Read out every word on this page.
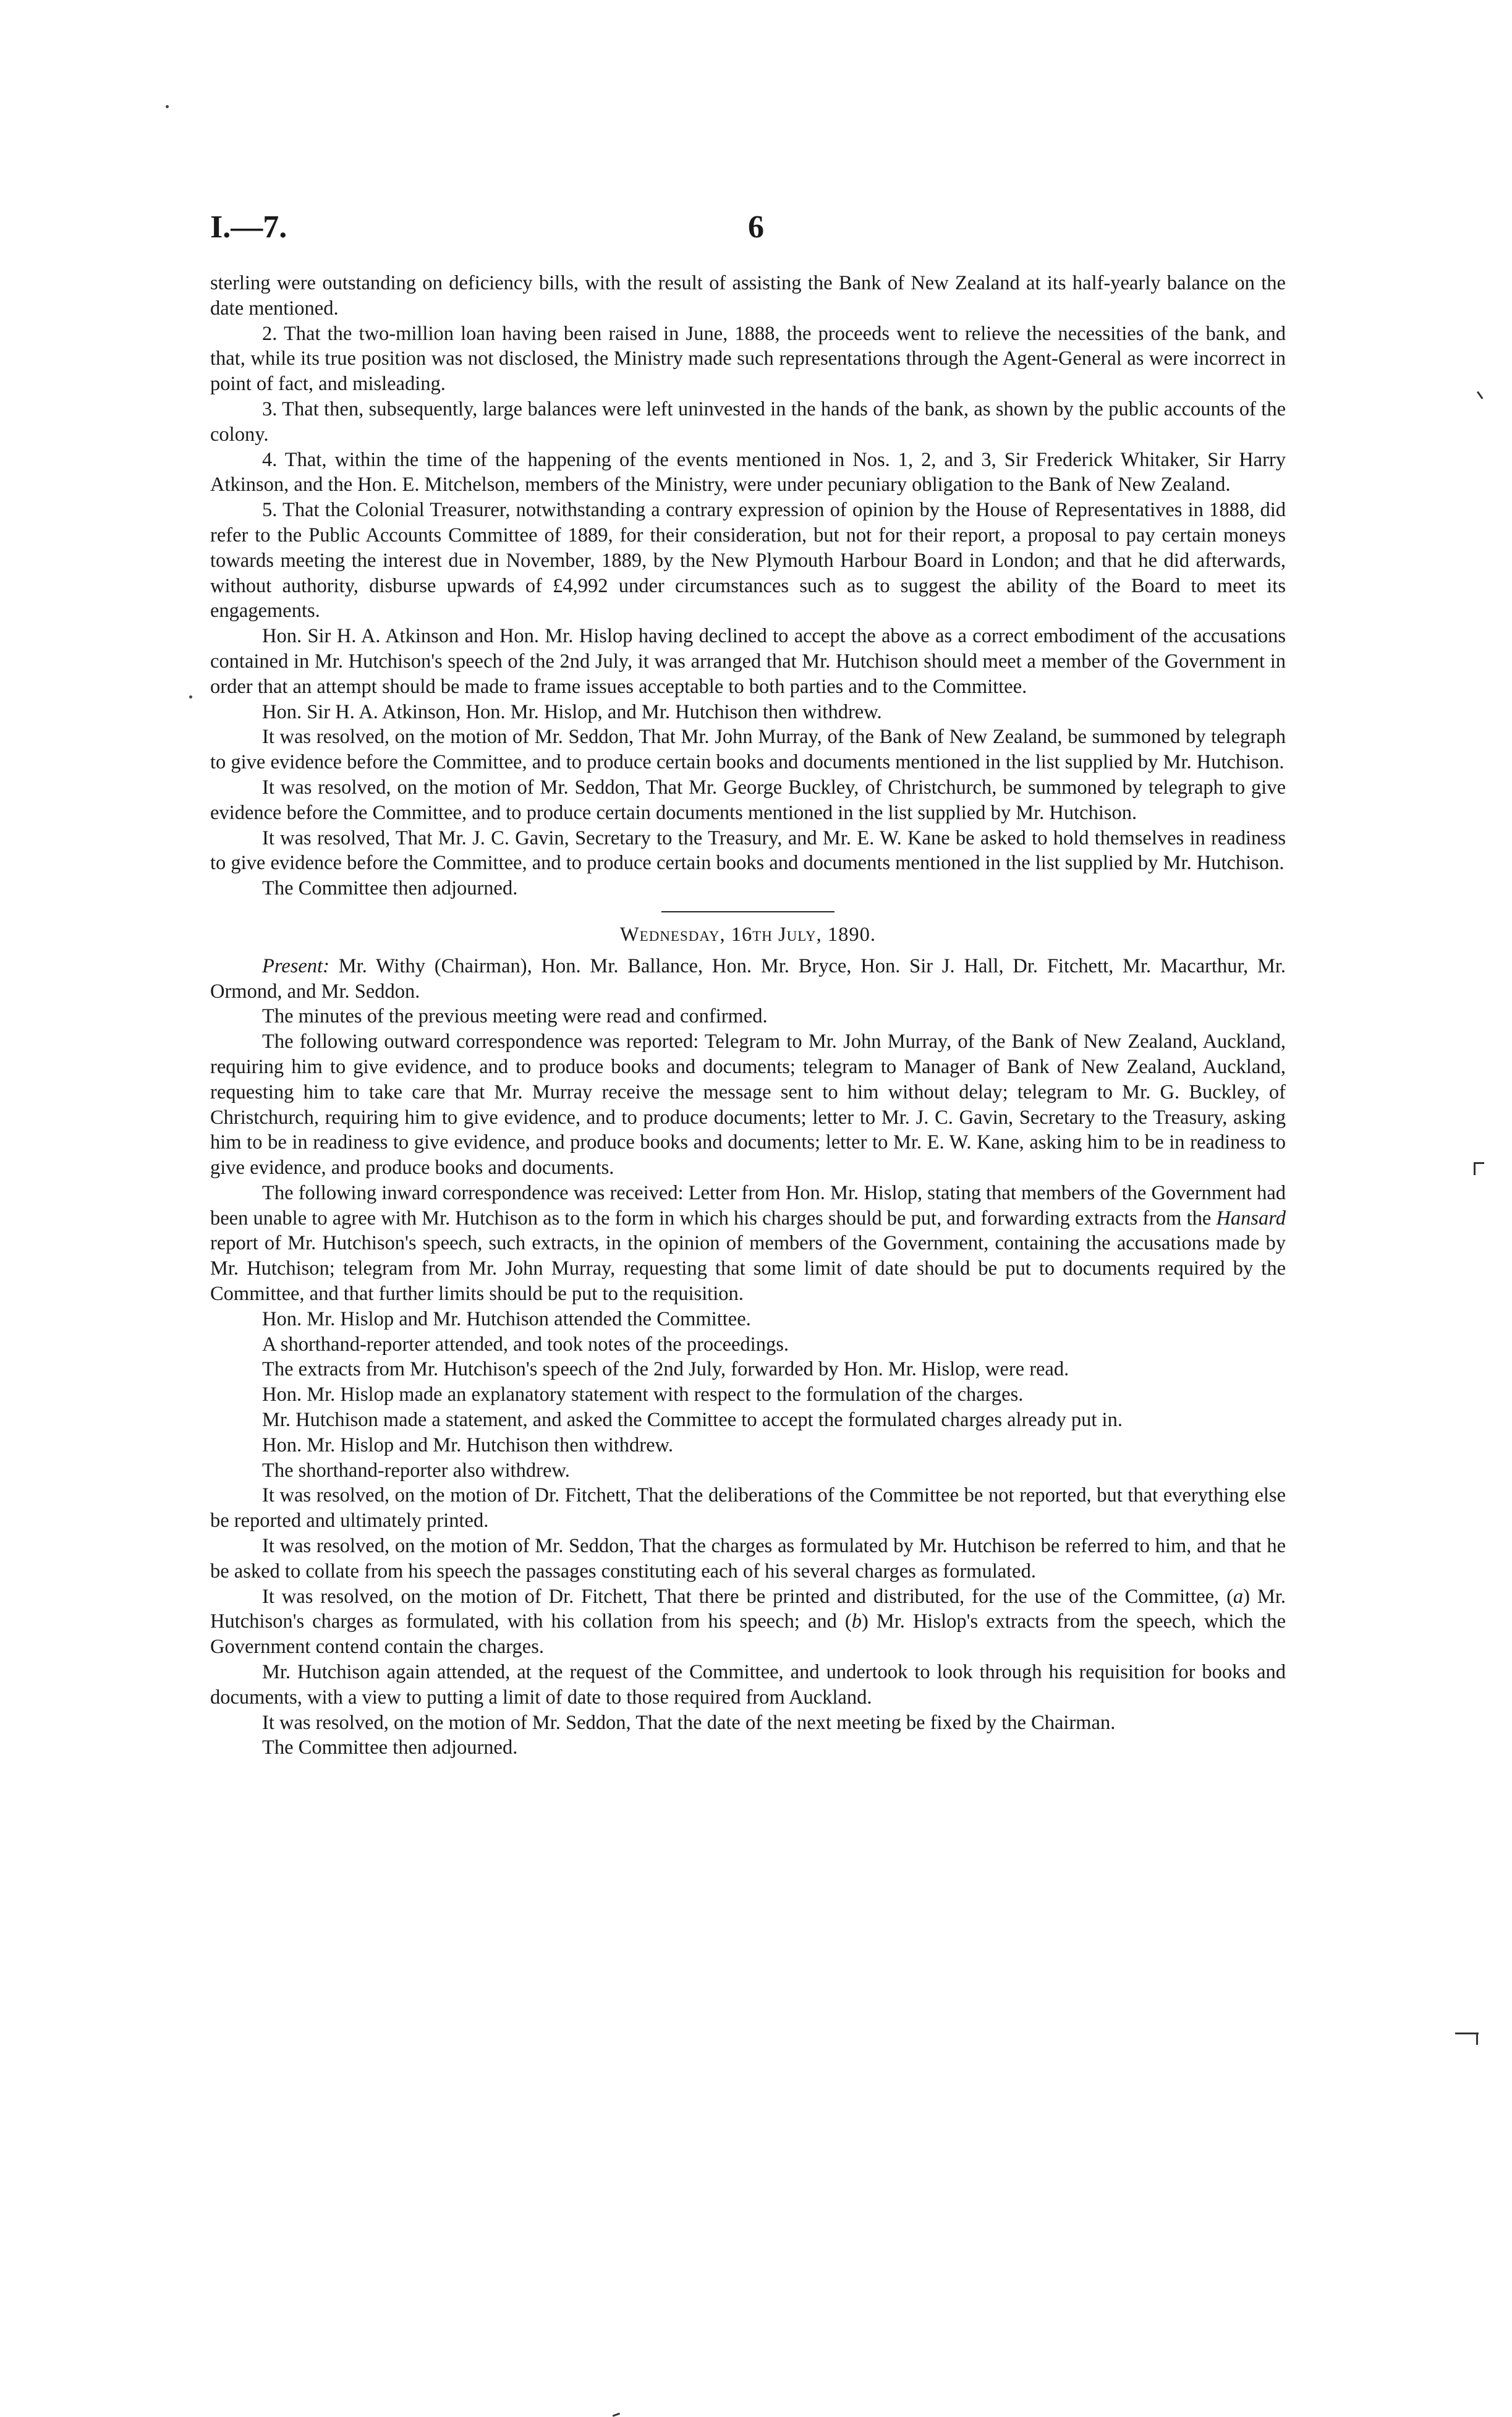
I.—7.	6

sterling were outstanding on deficiency bills, with the result of assisting the Bank of New Zealand at its half-yearly balance on the date mentioned.

2. That the two-million loan having been raised in June, 1888, the proceeds went to relieve the necessities of the bank, and that, while its true position was not disclosed, the Ministry made such representations through the Agent-General as were incorrect in point of fact, and misleading.

3. That then, subsequently, large balances were left uninvested in the hands of the bank, as shown by the public accounts of the colony.

4. That, within the time of the happening of the events mentioned in Nos. 1, 2, and 3, Sir Frederick Whitaker, Sir Harry Atkinson, and the Hon. E. Mitchelson, members of the Ministry, were under pecuniary obligation to the Bank of New Zealand.

5. That the Colonial Treasurer, notwithstanding a contrary expression of opinion by the House of Representatives in 1888, did refer to the Public Accounts Committee of 1889, for their consideration, but not for their report, a proposal to pay certain moneys towards meeting the interest due in November, 1889, by the New Plymouth Harbour Board in London; and that he did afterwards, without authority, disburse upwards of £4,992 under circumstances such as to suggest the ability of the Board to meet its engagements.

Hon. Sir H. A. Atkinson and Hon. Mr. Hislop having declined to accept the above as a correct embodiment of the accusations contained in Mr. Hutchison's speech of the 2nd July, it was arranged that Mr. Hutchison should meet a member of the Government in order that an attempt should be made to frame issues acceptable to both parties and to the Committee.

Hon. Sir H. A. Atkinson, Hon. Mr. Hislop, and Mr. Hutchison then withdrew.

It was resolved, on the motion of Mr. Seddon, That Mr. John Murray, of the Bank of New Zealand, be summoned by telegraph to give evidence before the Committee, and to produce certain books and documents mentioned in the list supplied by Mr. Hutchison.

It was resolved, on the motion of Mr. Seddon, That Mr. George Buckley, of Christchurch, be summoned by telegraph to give evidence before the Committee, and to produce certain documents mentioned in the list supplied by Mr. Hutchison.

It was resolved, That Mr. J. C. Gavin, Secretary to the Treasury, and Mr. E. W. Kane be asked to hold themselves in readiness to give evidence before the Committee, and to produce certain books and documents mentioned in the list supplied by Mr. Hutchison.

The Committee then adjourned.

Wednesday, 16th July, 1890.

Present: Mr. Withy (Chairman), Hon. Mr. Ballance, Hon. Mr. Bryce, Hon. Sir J. Hall, Dr. Fitchett, Mr. Macarthur, Mr. Ormond, and Mr. Seddon.

The minutes of the previous meeting were read and confirmed.

The following outward correspondence was reported: Telegram to Mr. John Murray, of the Bank of New Zealand, Auckland, requiring him to give evidence, and to produce books and documents; telegram to Manager of Bank of New Zealand, Auckland, requesting him to take care that Mr. Murray receive the message sent to him without delay; telegram to Mr. G. Buckley, of Christchurch, requiring him to give evidence, and to produce documents; letter to Mr. J. C. Gavin, Secretary to the Treasury, asking him to be in readiness to give evidence, and produce books and documents; letter to Mr. E. W. Kane, asking him to be in readiness to give evidence, and produce books and documents.

The following inward correspondence was received: Letter from Hon. Mr. Hislop, stating that members of the Government had been unable to agree with Mr. Hutchison as to the form in which his charges should be put, and forwarding extracts from the Hansard report of Mr. Hutchison's speech, such extracts, in the opinion of members of the Government, containing the accusations made by Mr. Hutchison; telegram from Mr. John Murray, requesting that some limit of date should be put to documents required by the Committee, and that further limits should be put to the requisition.

Hon. Mr. Hislop and Mr. Hutchison attended the Committee.

A shorthand-reporter attended, and took notes of the proceedings.

The extracts from Mr. Hutchison's speech of the 2nd July, forwarded by Hon. Mr. Hislop, were read.

Hon. Mr. Hislop made an explanatory statement with respect to the formulation of the charges.

Mr. Hutchison made a statement, and asked the Committee to accept the formulated charges already put in.

Hon. Mr. Hislop and Mr. Hutchison then withdrew.

The shorthand-reporter also withdrew.

It was resolved, on the motion of Dr. Fitchett, That the deliberations of the Committee be not reported, but that everything else be reported and ultimately printed.

It was resolved, on the motion of Mr. Seddon, That the charges as formulated by Mr. Hutchison be referred to him, and that he be asked to collate from his speech the passages constituting each of his several charges as formulated.

It was resolved, on the motion of Dr. Fitchett, That there be printed and distributed, for the use of the Committee, (a) Mr. Hutchison's charges as formulated, with his collation from his speech; and (b) Mr. Hislop's extracts from the speech, which the Government contend contain the charges.

Mr. Hutchison again attended, at the request of the Committee, and undertook to look through his requisition for books and documents, with a view to putting a limit of date to those required from Auckland.

It was resolved, on the motion of Mr. Seddon, That the date of the next meeting be fixed by the Chairman.

The Committee then adjourned.
